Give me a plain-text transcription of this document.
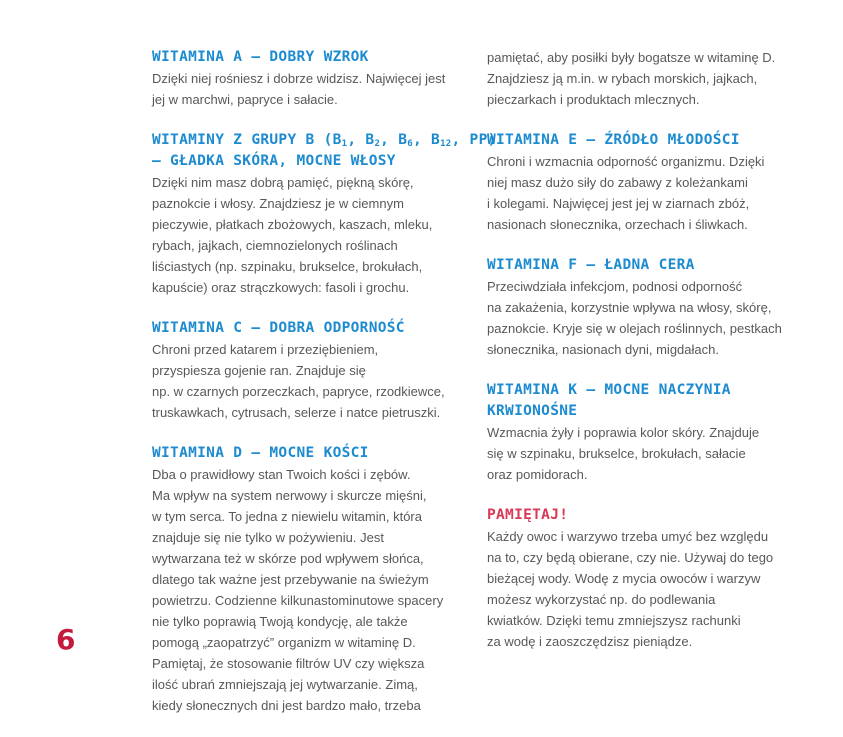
6
WITAMINA A – DOBRY WZROK

Dzięki niej rośniesz i dobrze widzisz. Najwięcej jest
jej w marchwi, papryce i sałacie.

WITAMINY Z GRUPY B ($B_1$, $B_2$, $B_6$, $B_{12}$, PP)
– GŁADKA SKÓRA, MOCNE WŁOSY

Dzięki nim masz dobrą pamięć, piękną skórę,
paznokcie i włosy. Znajdziesz je w ciemnym
pieczywie, płatkach zbożowych, kaszach, mleku,
rybach, jajkach, ciemnozielonych roślinach
liściastych (np. szpinaku, brukselce, brokułach,
kapuście) oraz strączkowych: fasoli i grochu.

WITAMINA C – DOBRA ODPORNOŚĆ

Chroni przed katarem i przeziębieniem,
przyspiesza gojenie ran. Znajduje się
np. w czarnych porzeczkach, papryce, rzodkiewce,
truskawkach, cytrusach, selerze i natce pietruszki.

WITAMINA D – MOCNE KOŚCI

Dba o prawidłowy stan Twoich kości i zębów.
Ma wpływ na system nerwowy i skurcze mięśni,
w tym serca. To jedna z niewielu witamin, która
znajduje się nie tylko w pożywieniu. Jest
wytwarzana też w skórze pod wpływem słońca,
dlatego tak ważne jest przebywanie na świeżym
powietrzu. Codzienne kilkunastominutowe spacery
nie tylko poprawią Twoją kondycję, ale także
pomogą „zaopatrzyć” organizm w witaminę D.
Pamiętaj, że stosowanie filtrów UV czy większa
ilość ubrań zmniejszają jej wytwarzanie. Zimą,
kiedy słonecznych dni jest bardzo mało, trzeba

pamiętać, aby posiłki były bogatsze w witaminę D.
Znajdziesz ją m.in. w rybach morskich, jajkach,
pieczarkach i produktach mlecznych.

WITAMINA E – ŹRÓDŁO MŁODOŚCI

Chroni i wzmacnia odporność organizmu. Dzięki
niej masz dużo siły do zabawy z koleżankami
i kolegami. Najwięcej jest jej w ziarnach zbóż,
nasionach słonecznika, orzechach i śliwkach.

WITAMINA F – ŁADNA CERA

Przeciwdziała infekcjom, podnosi odporność
na zakażenia, korzystnie wpływa na włosy, skórę,
paznokcie. Kryje się w olejach roślinnych, pestkach
słonecznika, nasionach dyni, migdałach.

WITAMINA K – MOCNE NACZYNIA
KRWIONOŚNE

Wzmacnia żyły i poprawia kolor skóry. Znajduje
się w szpinaku, brukselce, brokułach, sałacie
oraz pomidorach.

PAMIĘTAJ!

Każdy owoc i warzywo trzeba umyć bez względu
na to, czy będą obierane, czy nie. Używaj do tego
bieżącej wody. Wodę z mycia owoców i warzyw
możesz wykorzystać np. do podlewania
kwiatków. Dzięki temu zmniejszysz rachunki
za wodę i zaoszczędzisz pieniądze.
